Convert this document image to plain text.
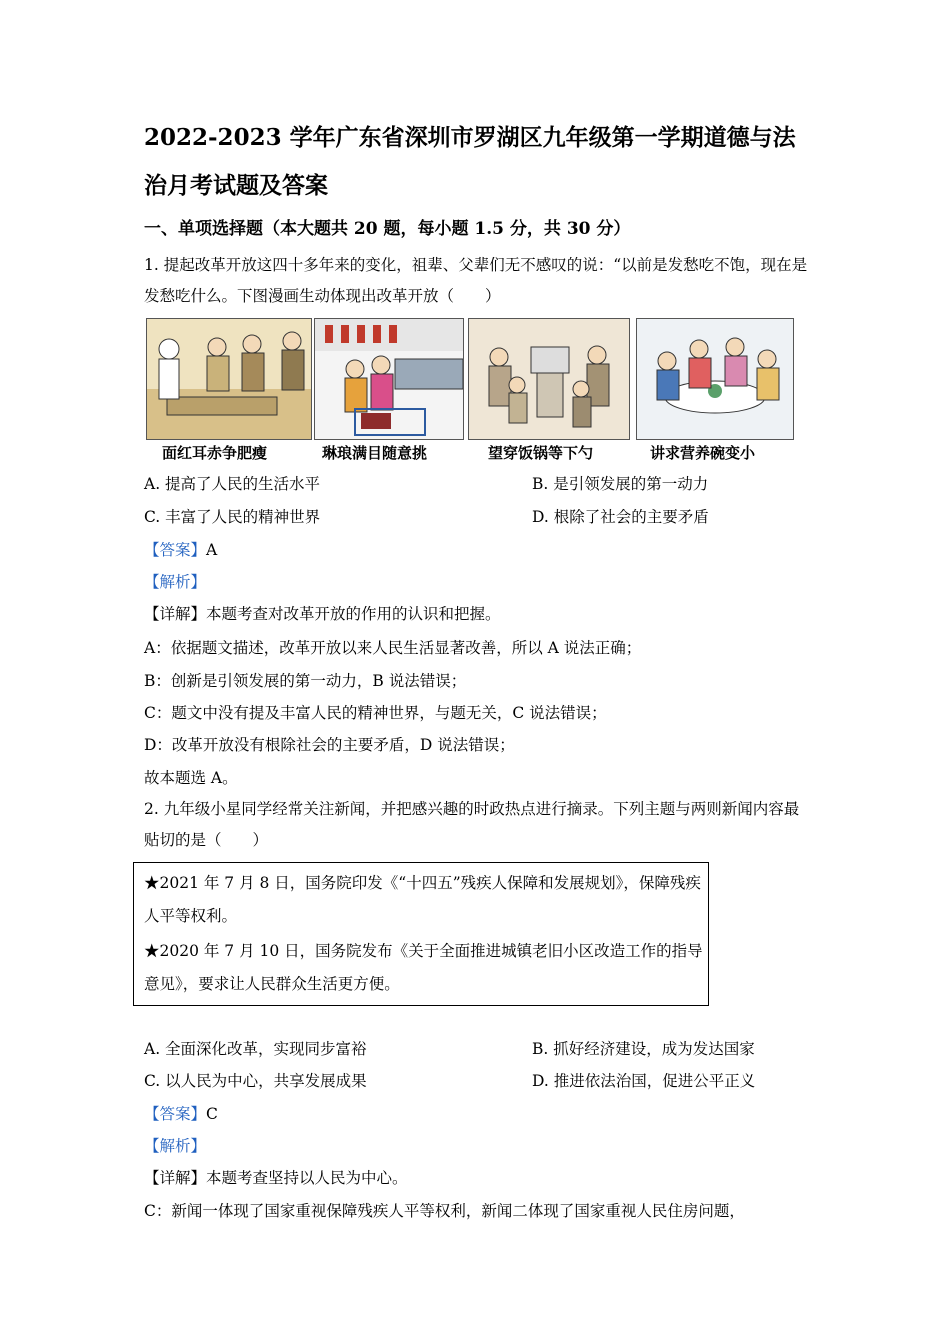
2022-2023 学年广东省深圳市罗湖区九年级第一学期道德与法治月考试题及答案
一、单项选择题（本大题共 20 题，每小题 1.5 分，共 30 分）
1. 提起改革开放这四十多年来的变化，祖辈、父辈们无不感叹的说：“以前是发愁吃不饱，现在是发愁吃什么。下图漫画生动体现出改革开放（　　）
面红耳赤争肥瘦	琳琅满目随意挑	望穿饭锅等下勺	讲求营养碗变小
A. 提高了人民的生活水平	B. 是引领发展的第一动力
C. 丰富了人民的精神世界	D. 根除了社会的主要矛盾
【答案】A
【解析】
【详解】本题考查对改革开放的作用的认识和把握。
A：依据题文描述，改革开放以来人民生活显著改善，所以 A 说法正确；
B：创新是引领发展的第一动力，B 说法错误；
C：题文中没有提及丰富人民的精神世界，与题无关，C 说法错误；
D：改革开放没有根除社会的主要矛盾，D 说法错误；
故本题选 A。
2. 九年级小星同学经常关注新闻，并把感兴趣的时政热点进行摘录。下列主题与两则新闻内容最贴切的是（　　）
★2021 年 7 月 8 日，国务院印发《“十四五”残疾人保障和发展规划》，保障残疾人平等权利。
★2020 年 7 月 10 日，国务院发布《关于全面推进城镇老旧小区改造工作的指导意见》，要求让人民群众生活更方便。
A. 全面深化改革，实现同步富裕	B. 抓好经济建设，成为发达国家
C. 以人民为中心，共享发展成果	D. 推进依法治国，促进公平正义
【答案】C
【解析】
【详解】本题考查坚持以人民为中心。
C：新闻一体现了国家重视保障残疾人平等权利，新闻二体现了国家重视人民住房问题，
